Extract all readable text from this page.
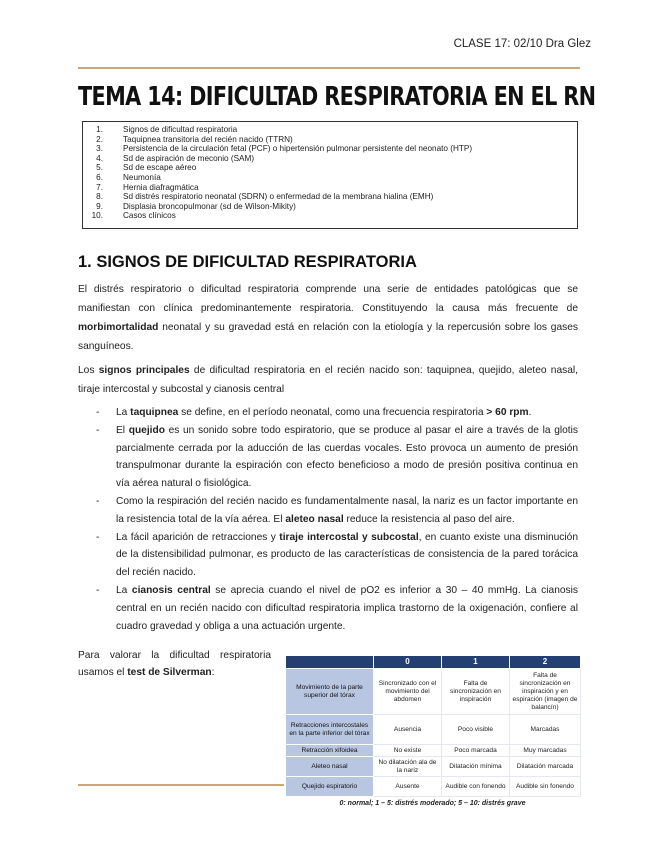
CLASE 17: 02/10 Dra Glez
TEMA 14: DIFICULTAD RESPIRATORIA EN EL RN
1. Signos de dificultad respiratoria
2. Taquipnea transitoria del recién nacido (TTRN)
3. Persistencia de la circulación fetal (PCF) o hipertensión pulmonar persistente del neonato (HTP)
4. Sd de aspiración de meconio (SAM)
5. Sd de escape aéreo
6. Neumonía
7. Hernia diafragmática
8. Sd distrés respiratorio neonatal (SDRN) o enfermedad de la membrana hialina (EMH)
9. Displasia broncopulmonar (sd de Wilson-Mikity)
10. Casos clínicos
1. SIGNOS DE DIFICULTAD RESPIRATORIA

El distrés respiratorio o dificultad respiratoria comprende una serie de entidades patológicas que se manifiestan con clínica predominantemente respiratoria. Constituyendo la causa más frecuente de morbimortalidad neonatal y su gravedad está en relación con la etiología y la repercusión sobre los gases sanguíneos.

Los signos principales de dificultad respiratoria en el recién nacido son: taquipnea, quejido, aleteo nasal, tiraje intercostal y subcostal y cianosis central

-	La taquipnea se define, en el período neonatal, como una frecuencia respiratoria > 60 rpm.
-	El quejido es un sonido sobre todo espiratorio, que se produce al pasar el aire a través de la glotis parcialmente cerrada por la aducción de las cuerdas vocales. Esto provoca un aumento de presión transpulmonar durante la espiración con efecto beneficioso a modo de presión positiva continua en vía aérea natural o fisiológica.
-	Como la respiración del recién nacido es fundamentalmente nasal, la nariz es un factor importante en la resistencia total de la vía aérea. El aleteo nasal reduce la resistencia al paso del aire.
-	La fácil aparición de retracciones y tiraje intercostal y subcostal, en cuanto existe una disminución de la distensibilidad pulmonar, es producto de las características de consistencia de la pared torácica del recién nacido.
-	La cianosis central se aprecia cuando el nivel de pO2 es inferior a 30 – 40 mmHg. La cianosis central en un recién nacido con dificultad respiratoria implica trastorno de la oxigenación, confiere al cuadro gravedad y obliga a una actuación urgente.

Para valorar la dificultad respiratoria usamos el test de Silverman:

	0	1	2
Movimiento de la parte superior del tórax	Sincronizado con el movimiento del abdomen	Falta de sincronización en inspiración	Falta de sincronización en inspiración y en espiración (imagen de balancín)
Retracciones intercostales en la parte inferior del tórax	Ausencia	Poco visible	Marcadas
Retracción xifoidea	No existe	Poco marcada	Muy marcadas
Aleteo nasal	No dilatación ala de la nariz	Dilatación mínima	Dilatación marcada
Quejido espiratorio	Ausente	Audible con fonendo	Audible sin fonendo
0: normal; 1 – 5: distrés moderado; 5 – 10: distrés grave
